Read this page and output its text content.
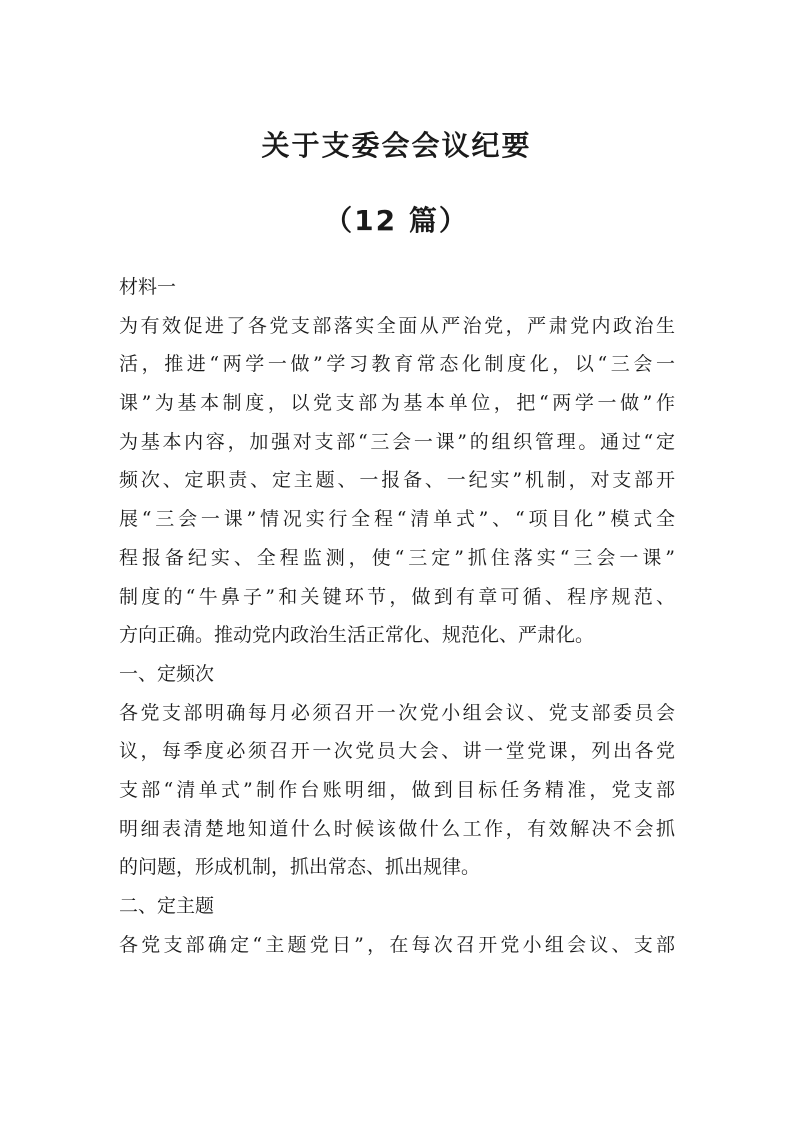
关于支委会会议纪要
（12 篇）
材料一
为有效促进了各党支部落实全面从严治党，严肃党内政治生
活，推进“两学一做”学习教育常态化制度化，以“三会一
课”为基本制度，以党支部为基本单位，把“两学一做”作
为基本内容，加强对支部“三会一课”的组织管理。通过“定
频次、定职责、定主题、一报备、一纪实”机制，对支部开
展“三会一课”情况实行全程“清单式”、“项目化”模式全
程报备纪实、全程监测，使“三定”抓住落实“三会一课”
制度的“牛鼻子”和关键环节，做到有章可循、程序规范、
方向正确。推动党内政治生活正常化、规范化、严肃化。
一、定频次
各党支部明确每月必须召开一次党小组会议、党支部委员会
议，每季度必须召开一次党员大会、讲一堂党课，列出各党
支部“清单式”制作台账明细，做到目标任务精准，党支部
明细表清楚地知道什么时候该做什么工作，有效解决不会抓
的问题，形成机制，抓出常态、抓出规律。
二、定主题
各党支部确定“主题党日”，在每次召开党小组会议、支部
